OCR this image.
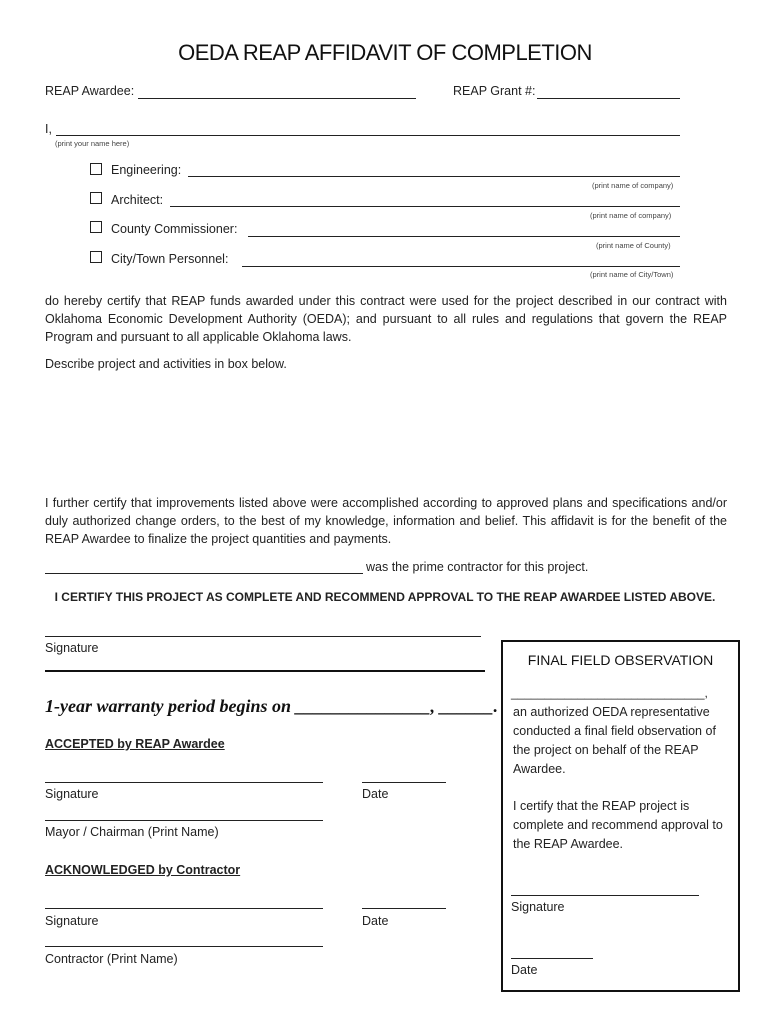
OEDA REAP AFFIDAVIT OF COMPLETION
REAP Awardee:	REAP Grant #:
I,
(print your name here)
Engineering:
(print name of company)
Architect:
(print name of company)
County Commissioner:
(print name of County)
City/Town Personnel:
(print name of City/Town)
do hereby certify that REAP funds awarded under this contract were used for the project described in our contract with Oklahoma Economic Development Authority (OEDA); and pursuant to all rules and regulations that govern the REAP Program and pursuant to all applicable Oklahoma laws.
Describe project and activities in box below.
I further certify that improvements listed above were accomplished according to approved plans and specifications and/or duly authorized change orders, to the best of my knowledge, information and belief. This affidavit is for the benefit of the REAP Awardee to finalize the project quantities and payments.
was the prime contractor for this project.
I CERTIFY THIS PROJECT AS COMPLETE AND RECOMMEND APPROVAL TO THE REAP AWARDEE LISTED ABOVE.
Signature
1-year warranty period begins on _______________, ______.
ACCEPTED by REAP Awardee
Signature	Date
Mayor / Chairman (Print Name)
ACKNOWLEDGED by Contractor
Signature	Date
Contractor (Print Name)
FINAL FIELD OBSERVATION
_____________________________,
an authorized OEDA representative conducted a final field observation of the project on behalf of the REAP Awardee.
I certify that the REAP project is complete and recommend approval to the REAP Awardee.
Signature
Date
